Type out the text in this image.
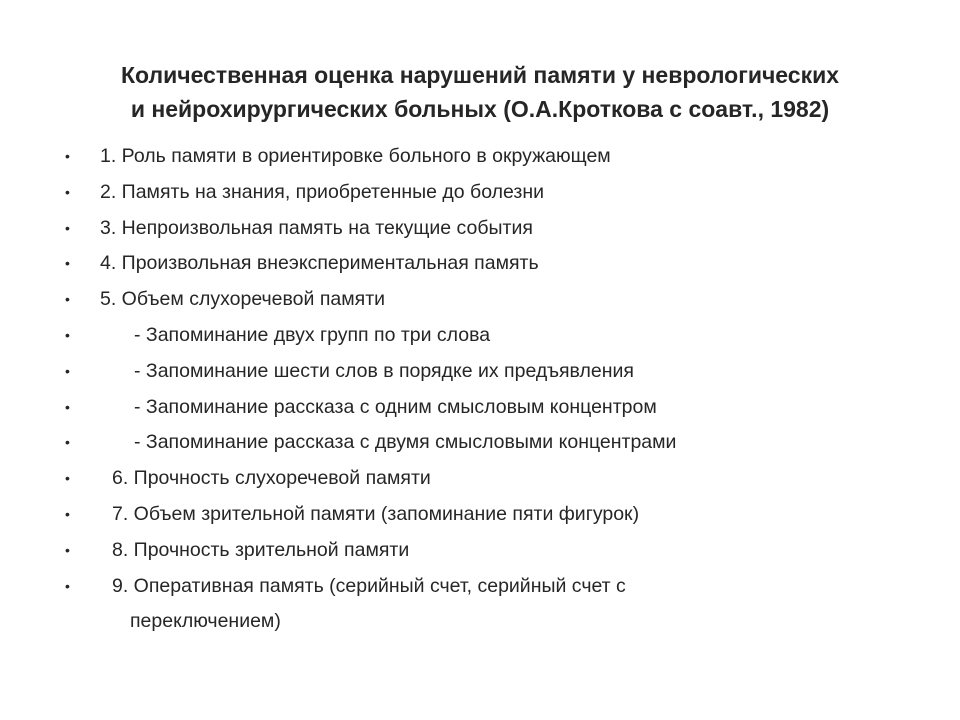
Количественная оценка нарушений памяти у неврологических
и нейрохирургических больных (О.А.Кроткова с соавт., 1982)
• 1. Роль памяти в ориентировке больного в окружающем
• 2. Память на знания, приобретенные до болезни
• 3. Непроизвольная память на текущие события
• 4. Произвольная внеэкспериментальная память
• 5. Объем слухоречевой памяти
•	- Запоминание двух групп по три слова
•	- Запоминание шести слов в порядке их предъявления
•	- Запоминание рассказа с одним смысловым концентром
•	- Запоминание рассказа с двумя смысловыми концентрами
• 6. Прочность слухоречевой памяти
• 7. Объем зрительной памяти (запоминание пяти фигурок)
• 8. Прочность зрительной памяти
• 9. Оперативная память (серийный счет, серийный счет с
переключением)
